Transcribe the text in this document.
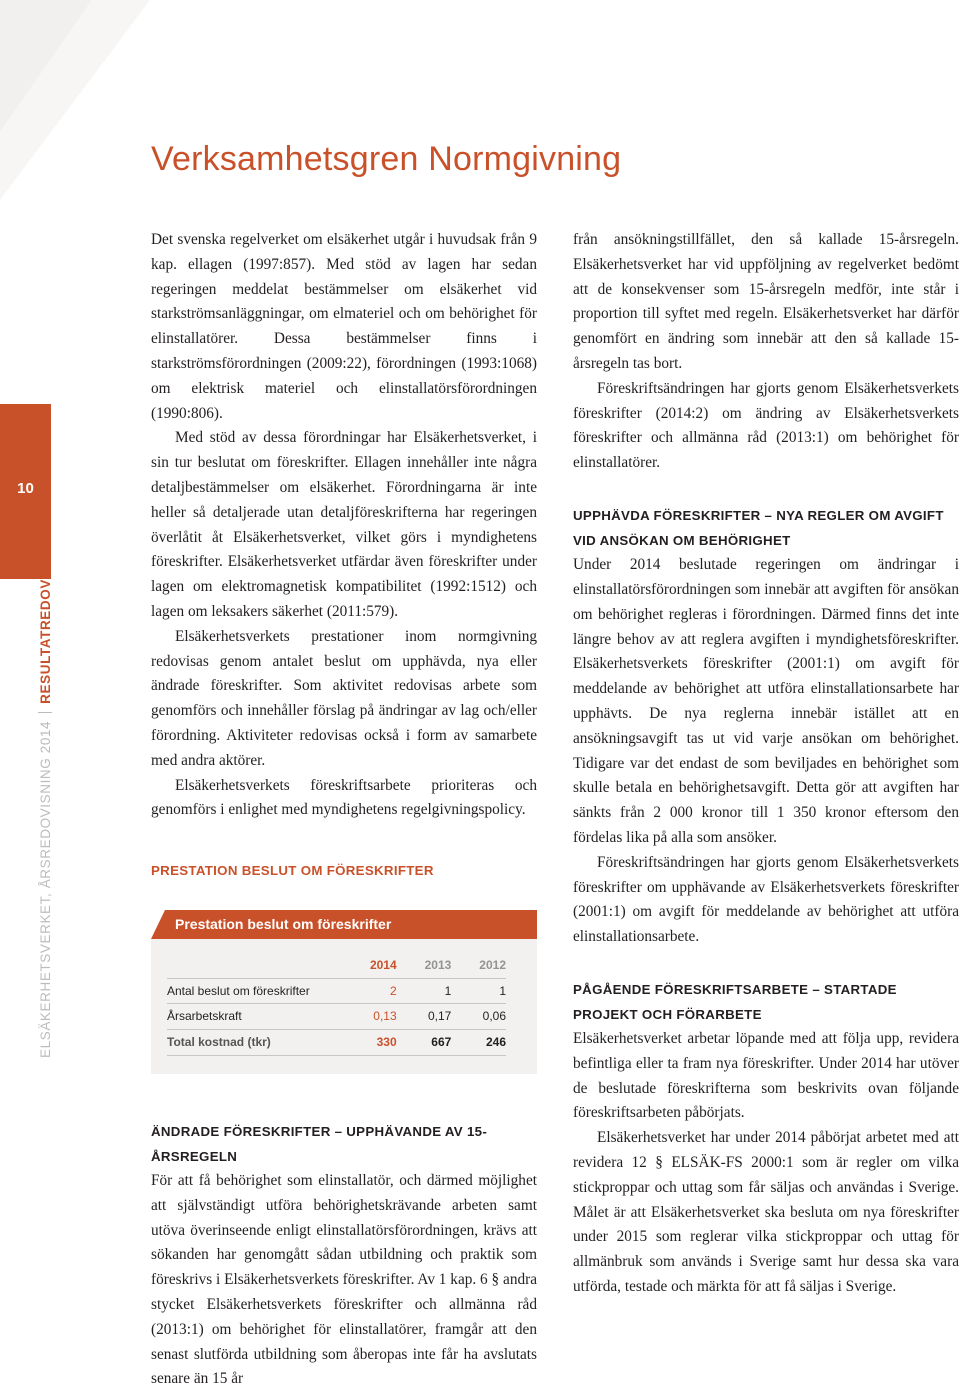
10
ELSÄKERHETSVERKET, ÅRSREDOVISNING 2014RESULTATREDOVISNING
Verksamhetsgren Normgivning

Det svenska regelverket om elsäkerhet utgår i huvudsak från 9 kap. ellagen (1997:857). Med stöd av lagen har sedan regeringen meddelat bestämmelser om elsäkerhet vid starkströmsanläggningar, om elmateriel och om behörighet för elinstallatörer. Dessa bestämmelser finns i starkströmsförordningen (2009:22), förordningen (1993:1068) om elektrisk materiel och elinstallatörsförordningen (1990:806).

Med stöd av dessa förordningar har Elsäkerhetsverket, i sin tur beslutat om föreskrifter. Ellagen innehåller inte några detaljbestämmelser om elsäkerhet. Förordningarna är inte heller så detaljerade utan detaljföreskrifterna har regeringen överlåtit åt Elsäkerhetsverket, vilket görs i myndighetens föreskrifter. Elsäkerhetsverket utfärdar även föreskrifter under lagen om elektromagnetisk kompatibilitet (1992:1512) och lagen om leksakers säkerhet (2011:579).

Elsäkerhetsverkets prestationer inom normgivning redovisas genom antalet beslut om upphävda, nya eller ändrade föreskrifter. Som aktivitet redovisas arbete som genomförs och innehåller förslag på ändringar av lag och/eller förordning. Aktiviteter redovisas också i form av samarbete med andra aktörer.

Elsäkerhetsverkets föreskriftsarbete prioriteras och genomförs i enlighet med myndighetens regelgivningspolicy.

PRESTATION BESLUT OM FÖRESKRIFTER
Prestation beslut om föreskrifter
	2014	2013	2012
Antal beslut om föreskrifter	2	1	1
Årsarbetskraft	0,13	0,17	0,06
Total kostnad (tkr)	330	667	246
ÄNDRADE FÖRESKRIFTER – UPPHÄVANDE AV 15-ÅRSREGELN

För att få behörighet som elinstallatör, och därmed möjlighet att självständigt utföra behörighetskrävande arbeten samt utöva överinseende enligt elinstallatörsförordningen, krävs att sökanden har genomgått sådan utbildning och praktik som föreskrivs i Elsäkerhetsverkets föreskrifter. Av 1 kap. 6 § andra stycket Elsäkerhetsverkets föreskrifter och allmänna råd (2013:1) om behörighet för elinstallatörer, framgår att den senast slutförda utbildning som åberopas inte får ha avslutats senare än 15 år

från ansökningstillfället, den så kallade 15-årsregeln. Elsäkerhetsverket har vid uppföljning av regelverket bedömt att de konsekvenser som 15-årsregeln medför, inte står i proportion till syftet med regeln. Elsäkerhetsverket har därför genomfört en ändring som innebär att den så kallade 15-årsregeln tas bort.

Föreskriftsändringen har gjorts genom Elsäkerhetsverkets föreskrifter (2014:2) om ändring av Elsäkerhetsverkets föreskrifter och allmänna råd (2013:1) om behörighet för elinstallatörer.

UPPHÄVDA FÖRESKRIFTER – NYA REGLER OM AVGIFT VID ANSÖKAN OM BEHÖRIGHET

Under 2014 beslutade regeringen om ändringar i elinstallatörsförordningen som innebär att avgiften för ansökan om behörighet regleras i förordningen. Därmed finns det inte längre behov av att reglera avgiften i myndighetsföreskrifter. Elsäkerhetsverkets föreskrifter (2001:1) om avgift för meddelande av behörighet att utföra elinstallationsarbete har upphävts. De nya reglerna innebär istället att en ansökningsavgift tas ut vid varje ansökan om behörighet. Tidigare var det endast de som beviljades en behörighet som skulle betala en behörighetsavgift. Detta gör att avgiften har sänkts från 2 000 kronor till 1 350 kronor eftersom den fördelas lika på alla som ansöker.

Föreskriftsändringen har gjorts genom Elsäkerhetsverkets föreskrifter om upphävande av Elsäkerhetsverkets föreskrifter (2001:1) om avgift för meddelande av behörighet att utföra elinstallationsarbete.

PÅGÅENDE FÖRESKRIFTSARBETE – STARTADE PROJEKT OCH FÖRARBETE

Elsäkerhetsverket arbetar löpande med att följa upp, revidera befintliga eller ta fram nya föreskrifter. Under 2014 har utöver de beslutade föreskrifterna som beskrivits ovan följande föreskriftsarbeten påbörjats.

Elsäkerhetsverket har under 2014 påbörjat arbetet med att revidera 12 § ELSÄK-FS 2000:1 som är regler om vilka stickproppar och uttag som får säljas och användas i Sverige. Målet är att Elsäkerhetsverket ska besluta om nya föreskrifter under 2015 som reglerar vilka stickproppar och uttag för allmänbruk som används i Sverige samt hur dessa ska vara utförda, testade och märkta för att få säljas i Sverige.
